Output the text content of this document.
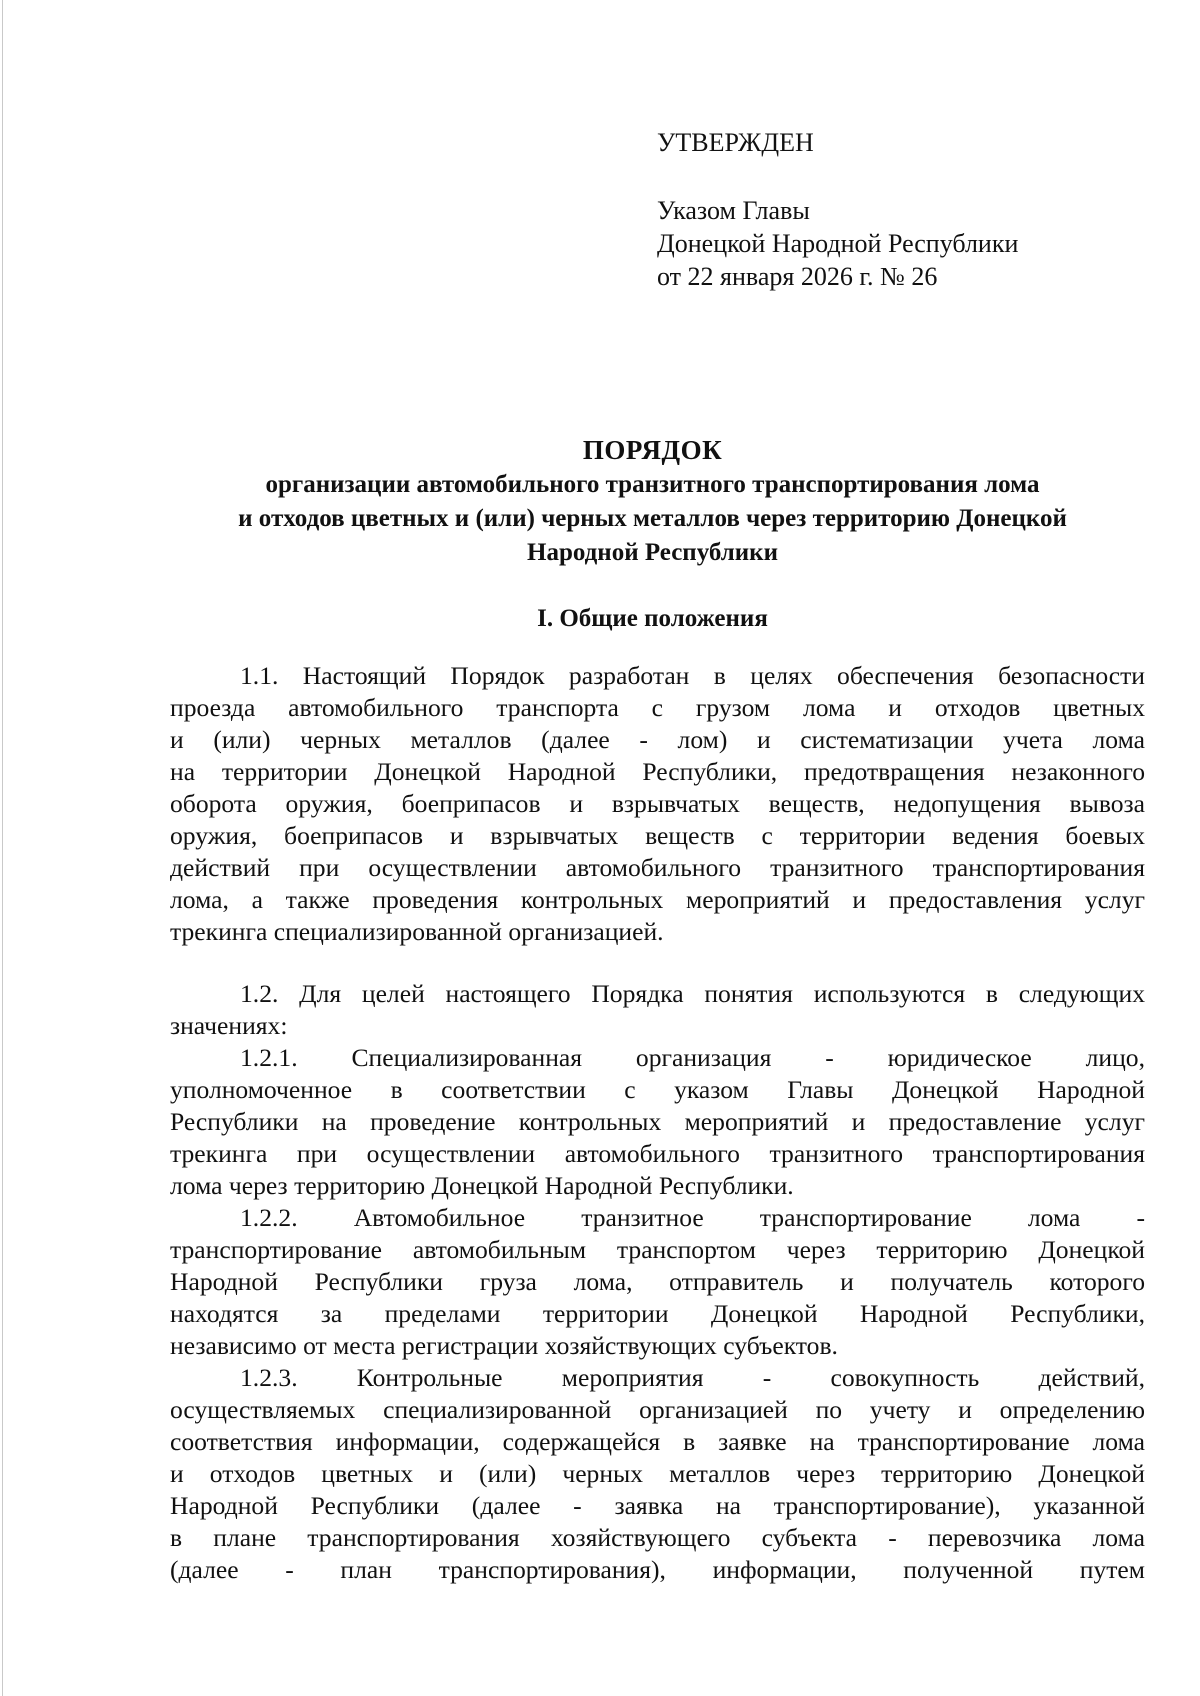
УТВЕРЖДЕН
Указом Главы
Донецкой Народной Республики
от 22 января 2026 г. № 26
ПОРЯДОК
организации автомобильного транзитного транспортирования лома
и отходов цветных и (или) черных металлов через территорию Донецкой
Народной Республики
I. Общие положения

1.1. Настоящий Порядок разработан в целях обеспечения безопасности
проезда автомобильного транспорта с грузом лома и отходов цветных
и (или) черных металлов (далее - лом) и систематизации учета лома
на территории Донецкой Народной Республики, предотвращения незаконного
оборота оружия, боеприпасов и взрывчатых веществ, недопущения вывоза
оружия, боеприпасов и взрывчатых веществ с территории ведения боевых
действий при осуществлении автомобильного транзитного транспортирования
лома, а также проведения контрольных мероприятий и предоставления услуг
трекинга специализированной организацией.

1.2. Для целей настоящего Порядка понятия используются в следующих
значениях:

1.2.1. Специализированная организация - юридическое лицо,
уполномоченное в соответствии с указом Главы Донецкой Народной
Республики на проведение контрольных мероприятий и предоставление услуг
трекинга при осуществлении автомобильного транзитного транспортирования
лома через территорию Донецкой Народной Республики.

1.2.2. Автомобильное транзитное транспортирование лома -
транспортирование автомобильным транспортом через территорию Донецкой
Народной Республики груза лома, отправитель и получатель которого
находятся за пределами территории Донецкой Народной Республики,
независимо от места регистрации хозяйствующих субъектов.

1.2.3. Контрольные мероприятия - совокупность действий,
осуществляемых специализированной организацией по учету и определению
соответствия информации, содержащейся в заявке на транспортирование лома
и отходов цветных и (или) черных металлов через территорию Донецкой
Народной Республики (далее - заявка на транспортирование), указанной
в плане транспортирования хозяйствующего субъекта - перевозчика лома
(далее - план транспортирования), информации, полученной путем
